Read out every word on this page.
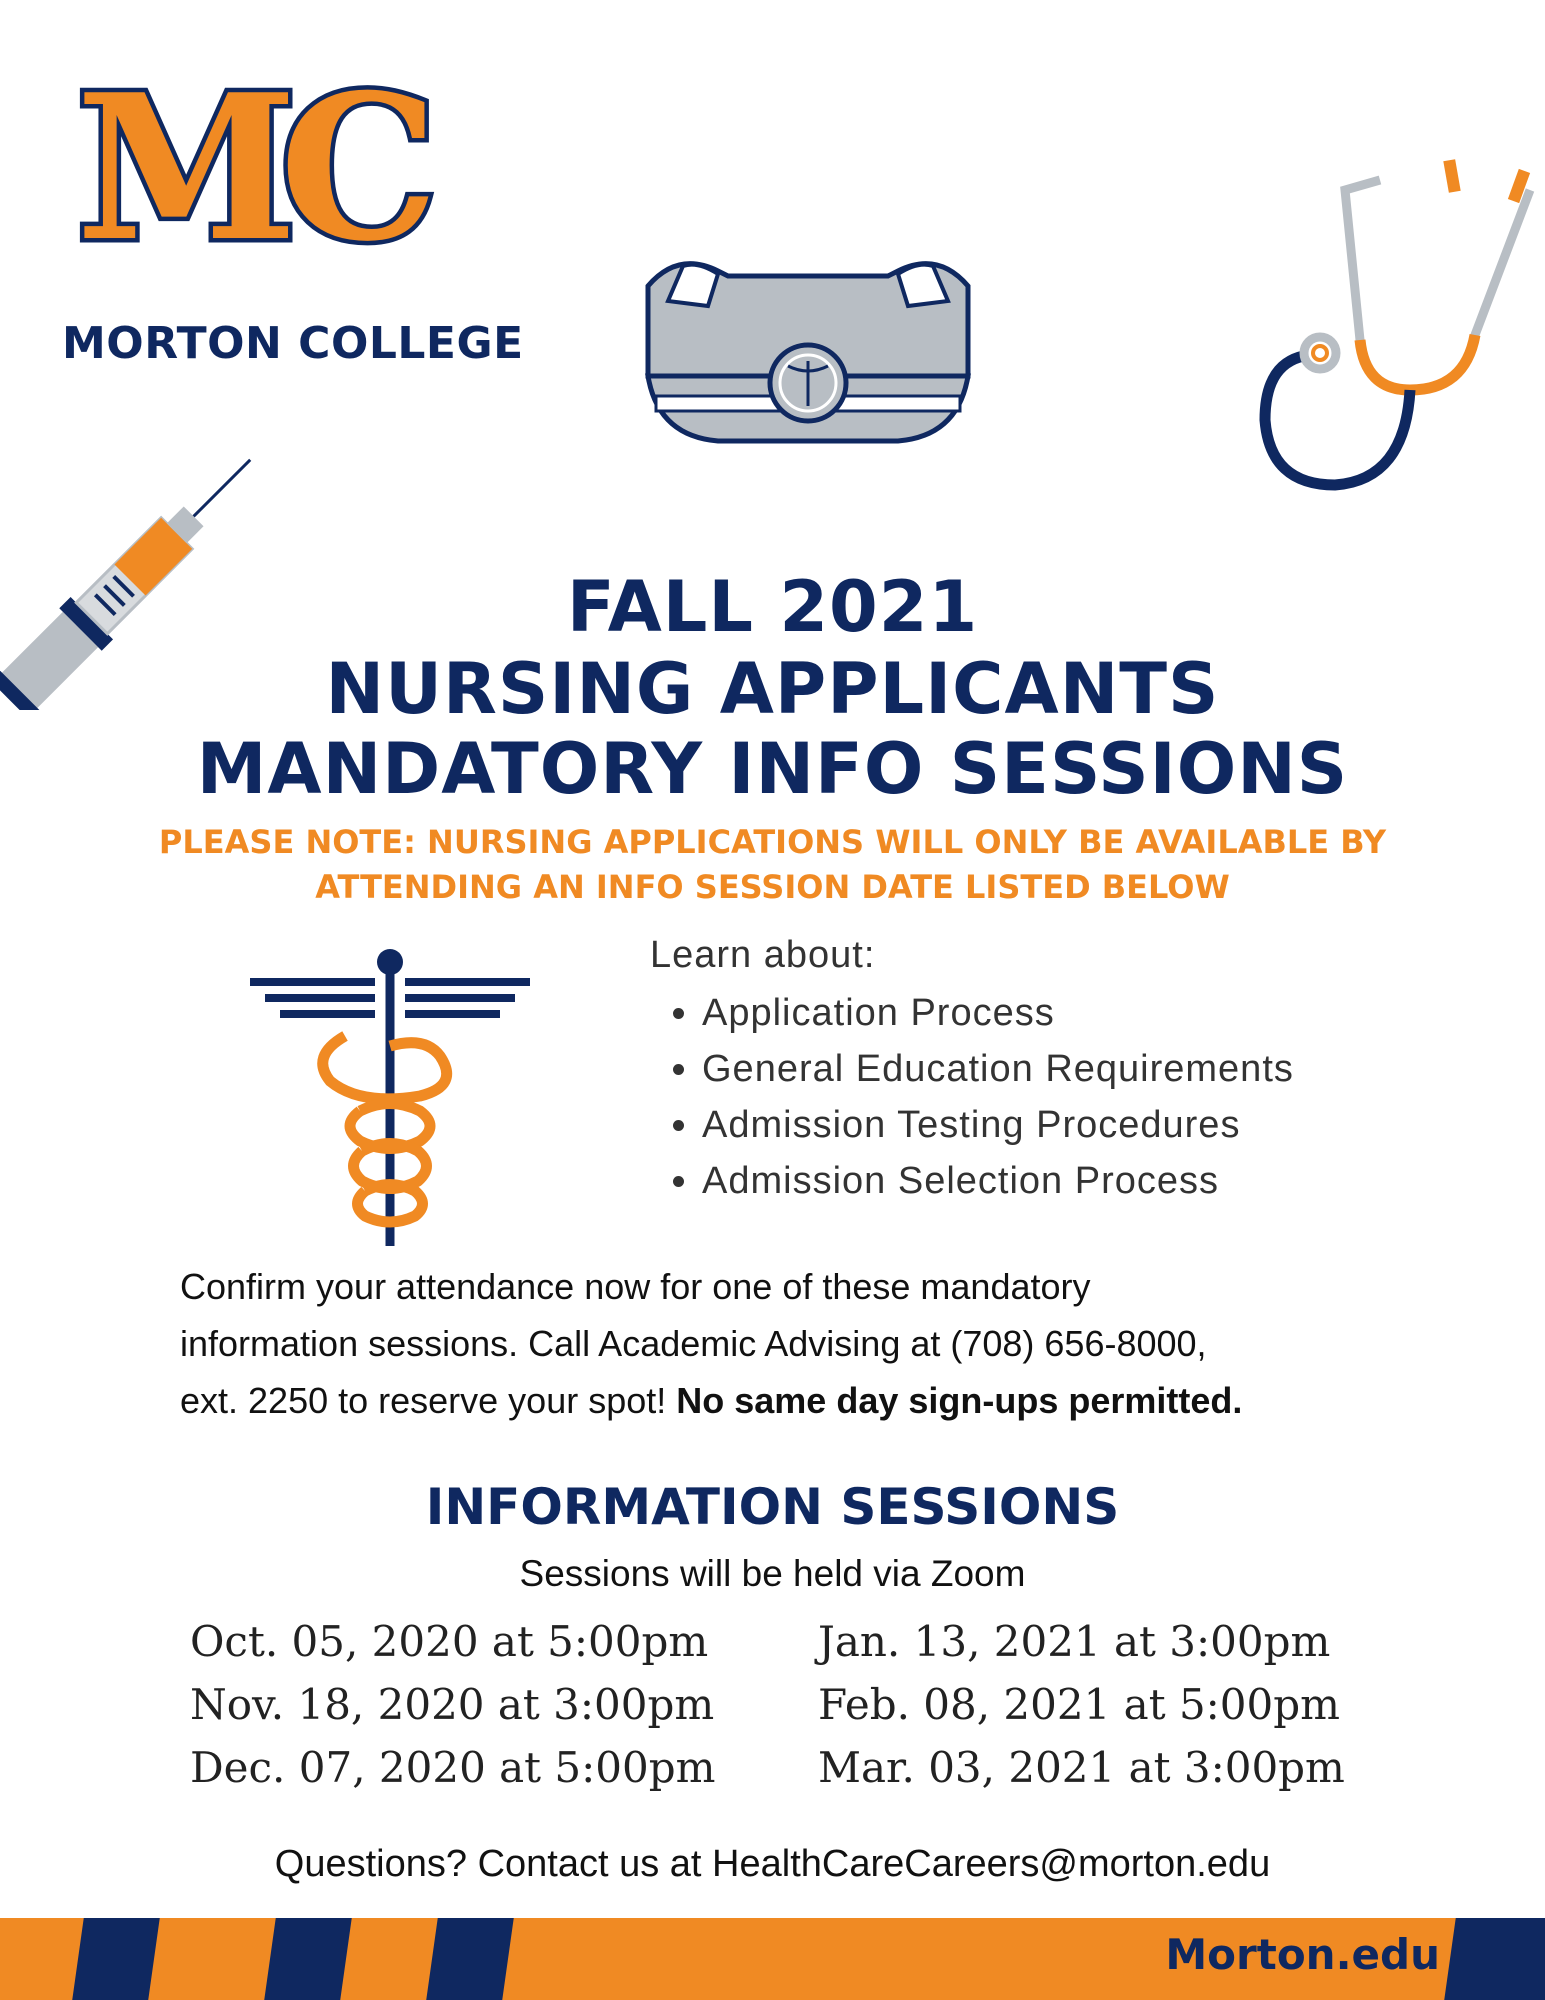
MC
MORTON COLLEGE
FALL 2021
NURSING APPLICANTS
MANDATORY INFO SESSIONS
PLEASE NOTE: NURSING APPLICATIONS WILL ONLY BE AVAILABLE BY
ATTENDING AN INFO SESSION DATE LISTED BELOW
Learn about:
• Application Process
• General Education Requirements
• Admission Testing Procedures
• Admission Selection Process
Confirm your attendance now for one of these mandatory
information sessions. Call Academic Advising at (708) 656-8000,
ext. 2250 to reserve your spot! No same day sign-ups permitted.
INFORMATION SESSIONS
Sessions will be held via Zoom
Oct. 05, 2020 at 5:00pm
Nov. 18, 2020 at 3:00pm
Dec. 07, 2020 at 5:00pm
Jan. 13, 2021 at 3:00pm
Feb. 08, 2021 at 5:00pm
Mar. 03, 2021 at 3:00pm
Questions? Contact us at HealthCareCareers@morton.edu
Morton.edu
